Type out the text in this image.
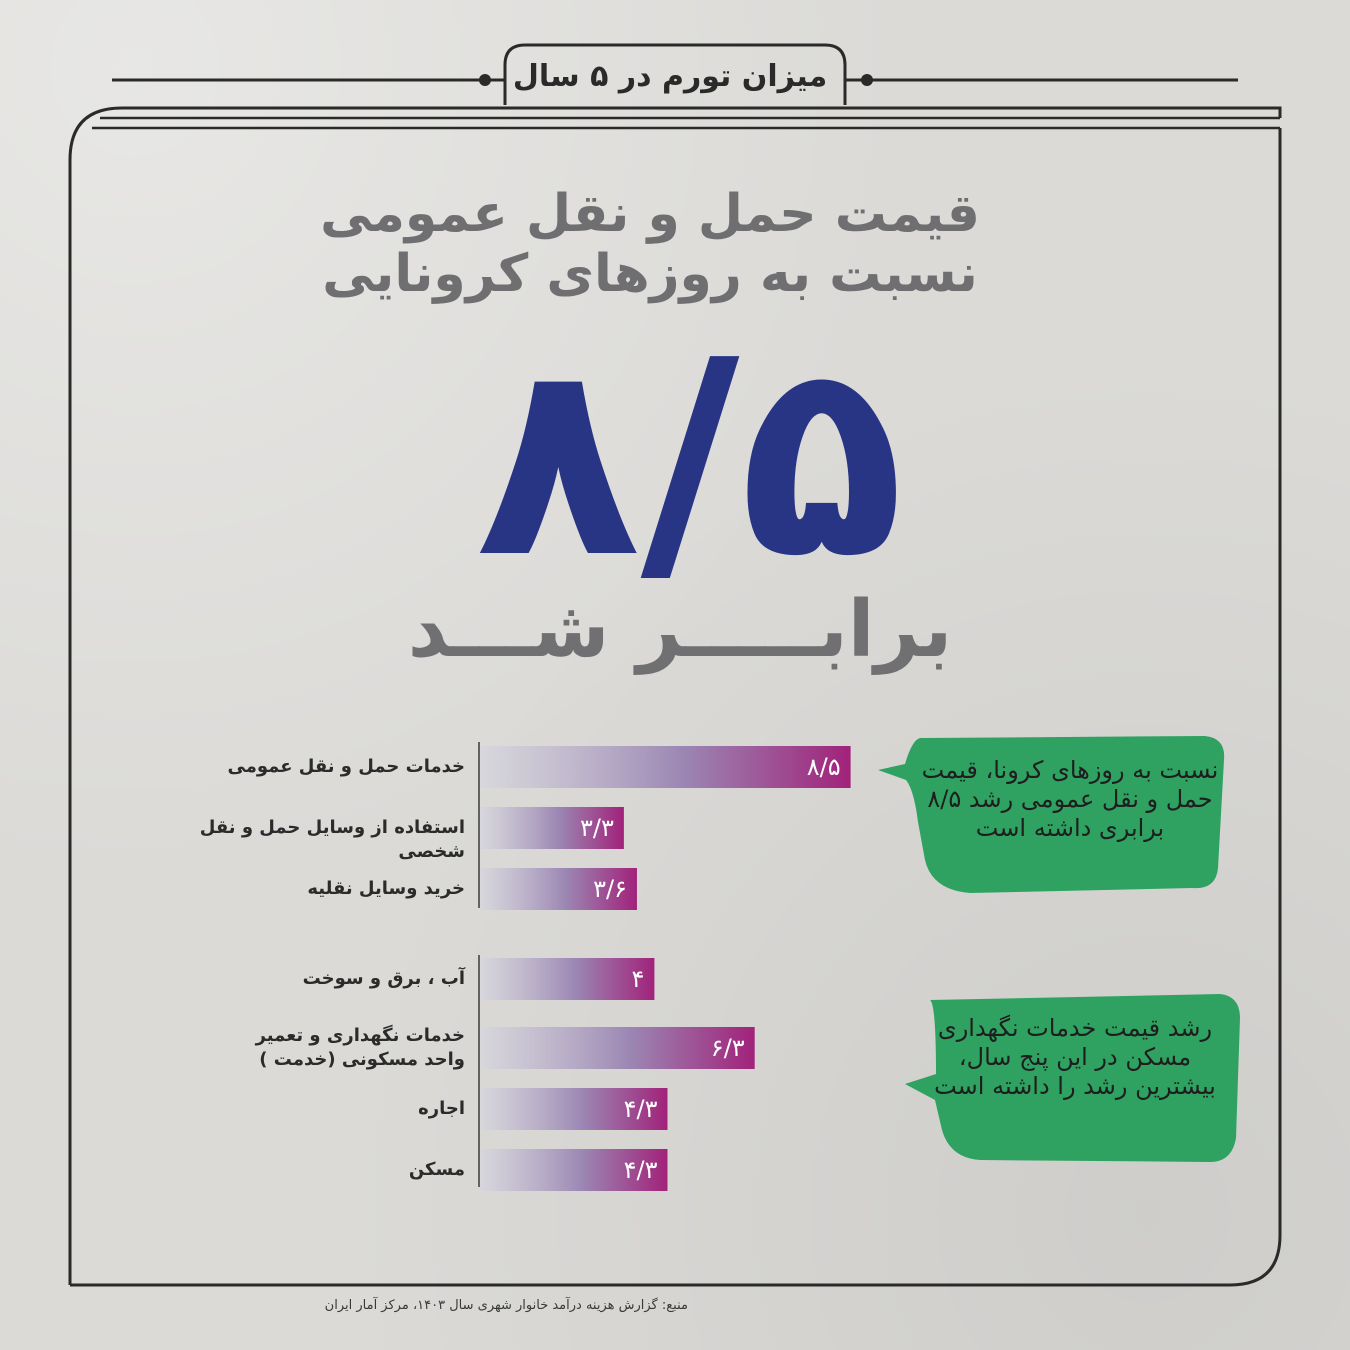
میزان تورم در ۵ سال
قیمت حمل و نقل عمومی
نسبت به روزهای کرونایی
۸/۵
برابـــــر شـــد
۸/۵
خدمات حمل و نقل عمومی
۳/۳
استفاده از وسایل حمل و نقل شخصی
۳/۶
خرید وسایل نقلیه
۴
آب ، برق و سوخت
۶/۳
خدمات نگهداری و تعمیر واحد مسکونی (خدمت )
۴/۳
اجاره
۴/۳
مسکن
نسبت به روزهای کرونا، قیمت حمل و نقل عمومی رشد ۸/۵ برابری داشته است
رشد قیمت خدمات نگهداری مسکن در این پنج سال، بیشترین رشد را داشته است
منبع: گزارش هزینه درآمد خانوار شهری سال ۱۴۰۳، مرکز آمار ایران
